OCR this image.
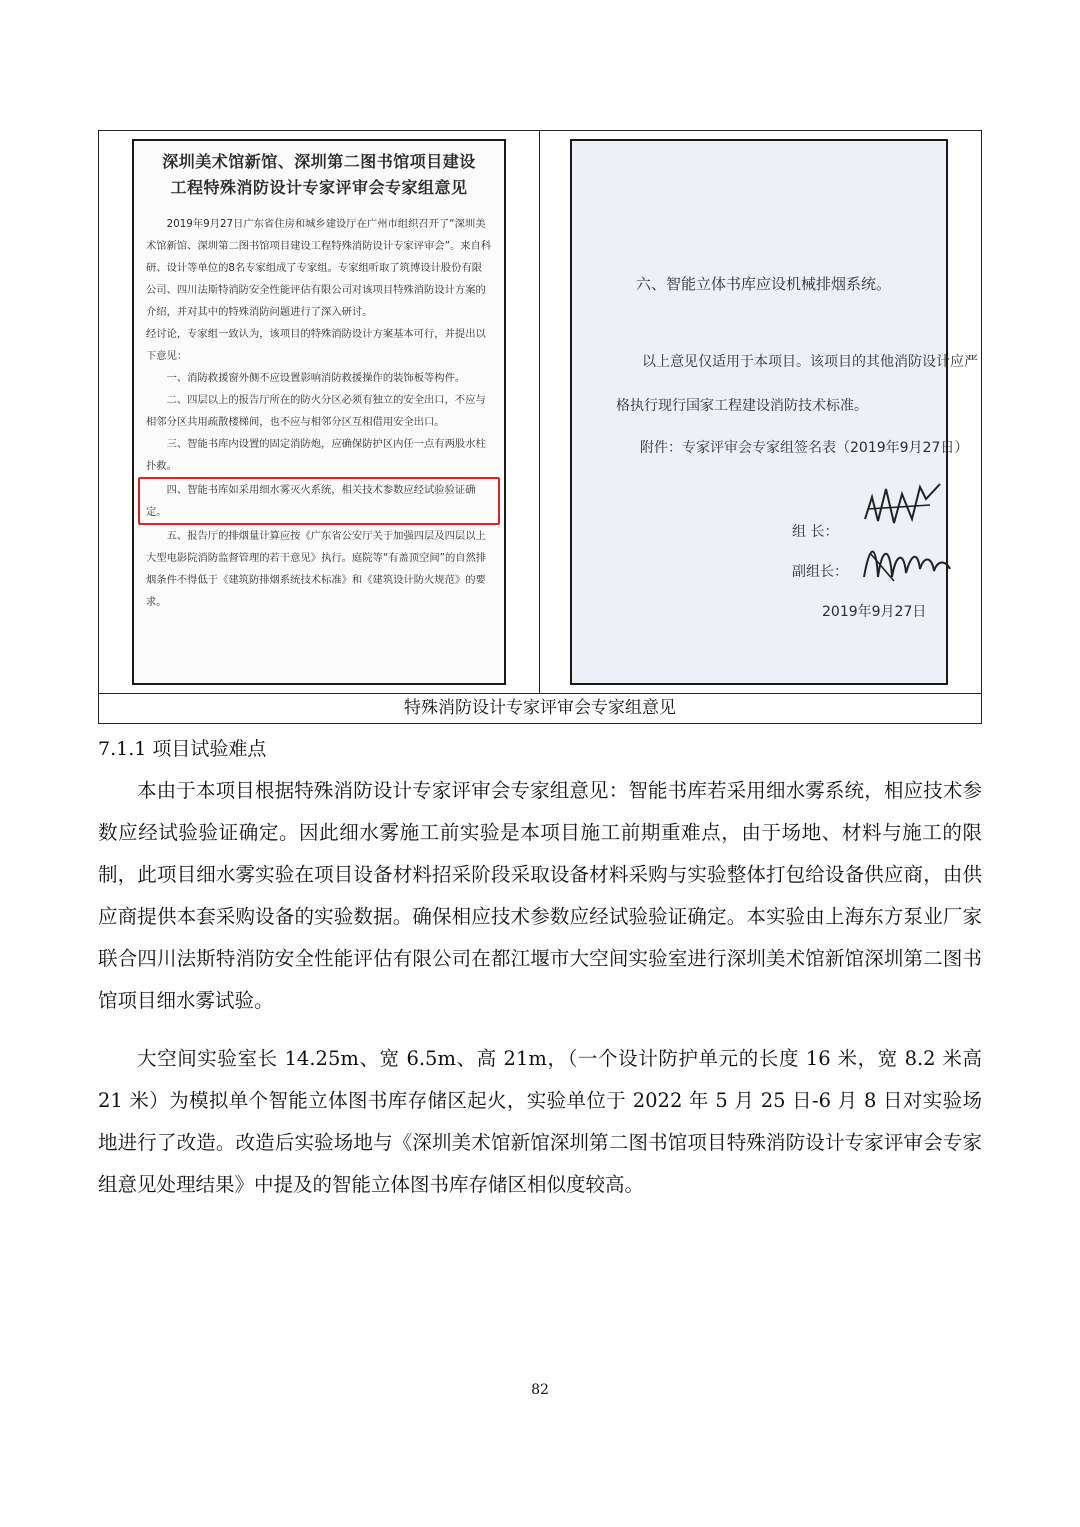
深圳美术馆新馆、深圳第二图书馆项目建设
工程特殊消防设计专家评审会专家组意见

2019年9月27日广东省住房和城乡建设厅在广州市组织召开了“深圳美术馆新馆、深圳第二图书馆项目建设工程特殊消防设计专家评审会”。来自科研、设计等单位的8名专家组成了专家组。专家组听取了筑博设计股份有限公司、四川法斯特消防安全性能评估有限公司对该项目特殊消防设计方案的介绍，并对其中的特殊消防问题进行了深入研讨。

经讨论，专家组一致认为，该项目的特殊消防设计方案基本可行，并提出以下意见：

一、消防救援窗外侧不应设置影响消防救援操作的装饰板等构件。

二、四层以上的报告厅所在的防火分区必须有独立的安全出口，不应与相邻分区共用疏散楼梯间，也不应与相邻分区互相借用安全出口。

三、智能书库内设置的固定消防炮，应确保防护区内任一点有两股水柱扑救。

四、智能书库如采用细水雾灭火系统，相关技术参数应经试验验证确定。

五、报告厅的排烟量计算应按《广东省公安厅关于加强四层及四层以上大型电影院消防监督管理的若干意见》执行。庭院等“有盖顶空间”的自然排烟条件不得低于《建筑防排烟系统技术标准》和《建筑设计防火规范》的要求。

六、智能立体书库应设机械排烟系统。
以上意见仅适用于本项目。该项目的其他消防设计应严
格执行现行国家工程建设消防技术标准。
附件：专家评审会专家组签名表（2019年9月27日）
组 长：
副组长：
2019年9月27日
特殊消防设计专家评审会专家组意见
7.1.1 项目试验难点
本由于本项目根据特殊消防设计专家评审会专家组意见：智能书库若采用细水雾系统，相应技术参数应经试验验证确定。因此细水雾施工前实验是本项目施工前期重难点，由于场地、材料与施工的限制，此项目细水雾实验在项目设备材料招采阶段采取设备材料采购与实验整体打包给设备供应商，由供应商提供本套采购设备的实验数据。确保相应技术参数应经试验验证确定。本实验由上海东方泵业厂家联合四川法斯特消防安全性能评估有限公司在都江堰市大空间实验室进行深圳美术馆新馆深圳第二图书馆项目细水雾试验。
大空间实验室长 14.25m、宽 6.5m、高 21m，（一个设计防护单元的长度 16 米，宽 8.2 米高 21 米）为模拟单个智能立体图书库存储区起火，实验单位于 2022 年 5 月 25 日-6 月 8 日对实验场地进行了改造。改造后实验场地与《深圳美术馆新馆深圳第二图书馆项目特殊消防设计专家评审会专家组意见处理结果》中提及的智能立体图书库存储区相似度较高。
82
